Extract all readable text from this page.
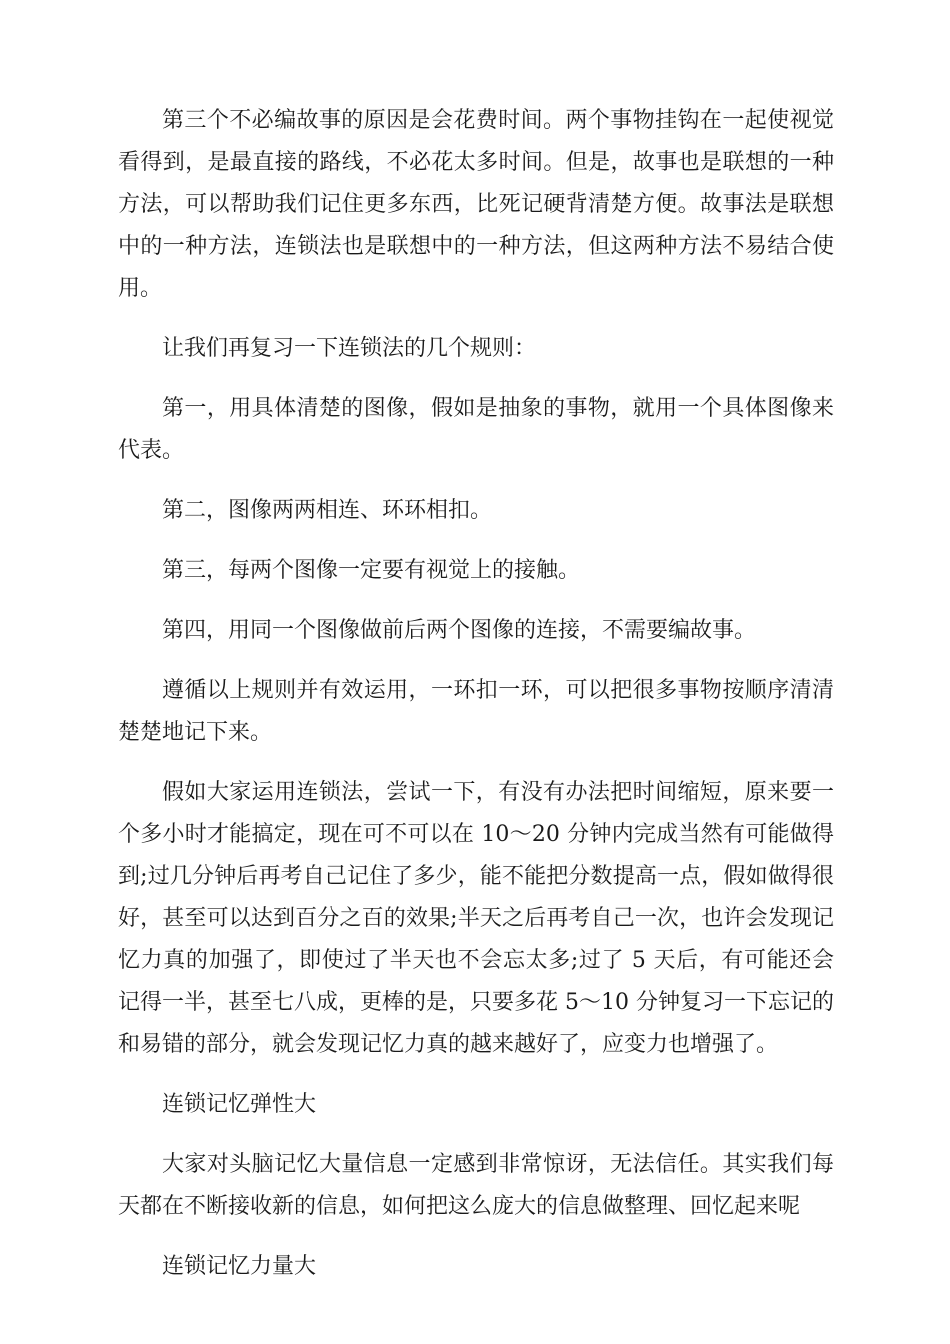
第三个不必编故事的原因是会花费时间。两个事物挂钩在一起使视觉看得到，是最直接的路线，不必花太多时间。但是，故事也是联想的一种方法，可以帮助我们记住更多东西，比死记硬背清楚方便。故事法是联想中的一种方法，连锁法也是联想中的一种方法，但这两种方法不易结合使用。

让我们再复习一下连锁法的几个规则：

第一，用具体清楚的图像，假如是抽象的事物，就用一个具体图像来代表。

第二，图像两两相连、环环相扣。

第三，每两个图像一定要有视觉上的接触。

第四，用同一个图像做前后两个图像的连接，不需要编故事。

遵循以上规则并有效运用，一环扣一环，可以把很多事物按顺序清清楚楚地记下来。

假如大家运用连锁法，尝试一下，有没有办法把时间缩短，原来要一个多小时才能搞定，现在可不可以在 10～20 分钟内完成当然有可能做得到;过几分钟后再考自己记住了多少，能不能把分数提高一点，假如做得很好，甚至可以达到百分之百的效果;半天之后再考自己一次，也许会发现记忆力真的加强了，即使过了半天也不会忘太多;过了 5 天后，有可能还会记得一半，甚至七八成，更棒的是，只要多花 5～10 分钟复习一下忘记的和易错的部分，就会发现记忆力真的越来越好了，应变力也增强了。

连锁记忆弹性大

大家对头脑记忆大量信息一定感到非常惊讶，无法信任。其实我们每天都在不断接收新的信息，如何把这么庞大的信息做整理、回忆起来呢

连锁记忆力量大
